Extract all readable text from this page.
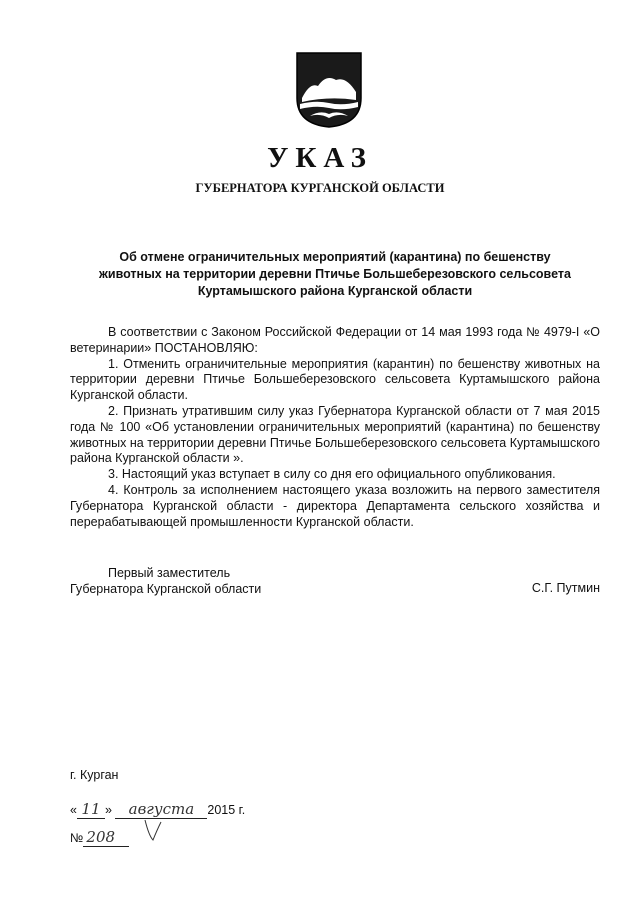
УКАЗ
ГУБЕРНАТОРА КУРГАНСКОЙ ОБЛАСТИ
Об отмене ограничительных мероприятий (карантина) по бешенству
животных на территории деревни Птичье Большеберезовского сельсовета
Куртамышского района Курганской области

В соответствии с Законом Российской Федерации от 14 мая 1993 года № 4979-I «О ветеринарии» ПОСТАНОВЛЯЮ:

1. Отменить ограничительные мероприятия (карантин) по бешенству животных на территории деревни Птичье Большеберезовского сельсовета Куртамышского района Курганской области.

2. Признать утратившим силу указ Губернатора Курганской области от 7 мая 2015 года № 100 «Об установлении ограничительных мероприятий (карантина) по бешенству животных на территории деревни Птичье Большеберезовского сельсовета Куртамышского района Курганской области ».

3. Настоящий указ вступает в силу со дня его официального опубликования.

4. Контроль за исполнением настоящего указа возложить на первого заместителя Губернатора Курганской области - директора Департамента сельского хозяйства и перерабатывающей промышленности Курганской области.

Первый заместитель
Губернатора Курганской области	С.Г. Путмин
г. Курган
« 11 » августа 2015 г.
№ 208
